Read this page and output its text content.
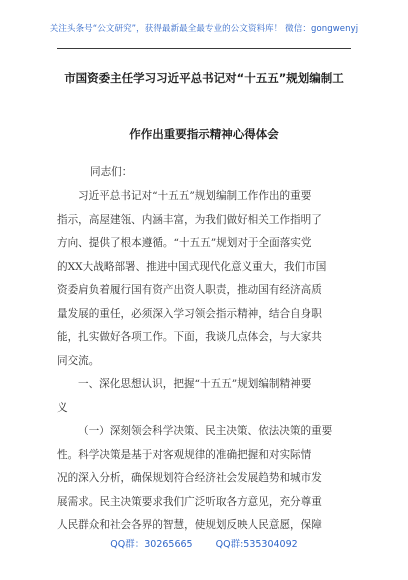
关注头条号“公文研究”，获得最新最全最专业的公文资料库！ 微信：gongwenyj
市国资委主任学习习近平总书记对“十五五”规划编制工
作作出重要指示精神心得体会
同志们：
习近平总书记对“十五五”规划编制工作作出的重要
指示，高屋建瓴、内涵丰富，为我们做好相关工作指明了
方向、提供了根本遵循。“十五五”规划对于全面落实党
的XX大战略部署、推进中国式现代化意义重大，我们市国
资委肩负着履行国有资产出资人职责，推动国有经济高质
量发展的重任，必须深入学习领会指示精神，结合自身职
能，扎实做好各项工作。下面，我谈几点体会，与大家共
同交流。
一、深化思想认识，把握“十五五”规划编制精神要
义
（一）深刻领会科学决策、民主决策、依法决策的重要
性。科学决策是基于对客观规律的准确把握和对实际情
况的深入分析，确保规划符合经济社会发展趋势和城市发
展需求。民主决策要求我们广泛听取各方意见，充分尊重
人民群众和社会各界的智慧，使规划反映人民意愿，保障
QQ群：30265665 QQ群:535304092
